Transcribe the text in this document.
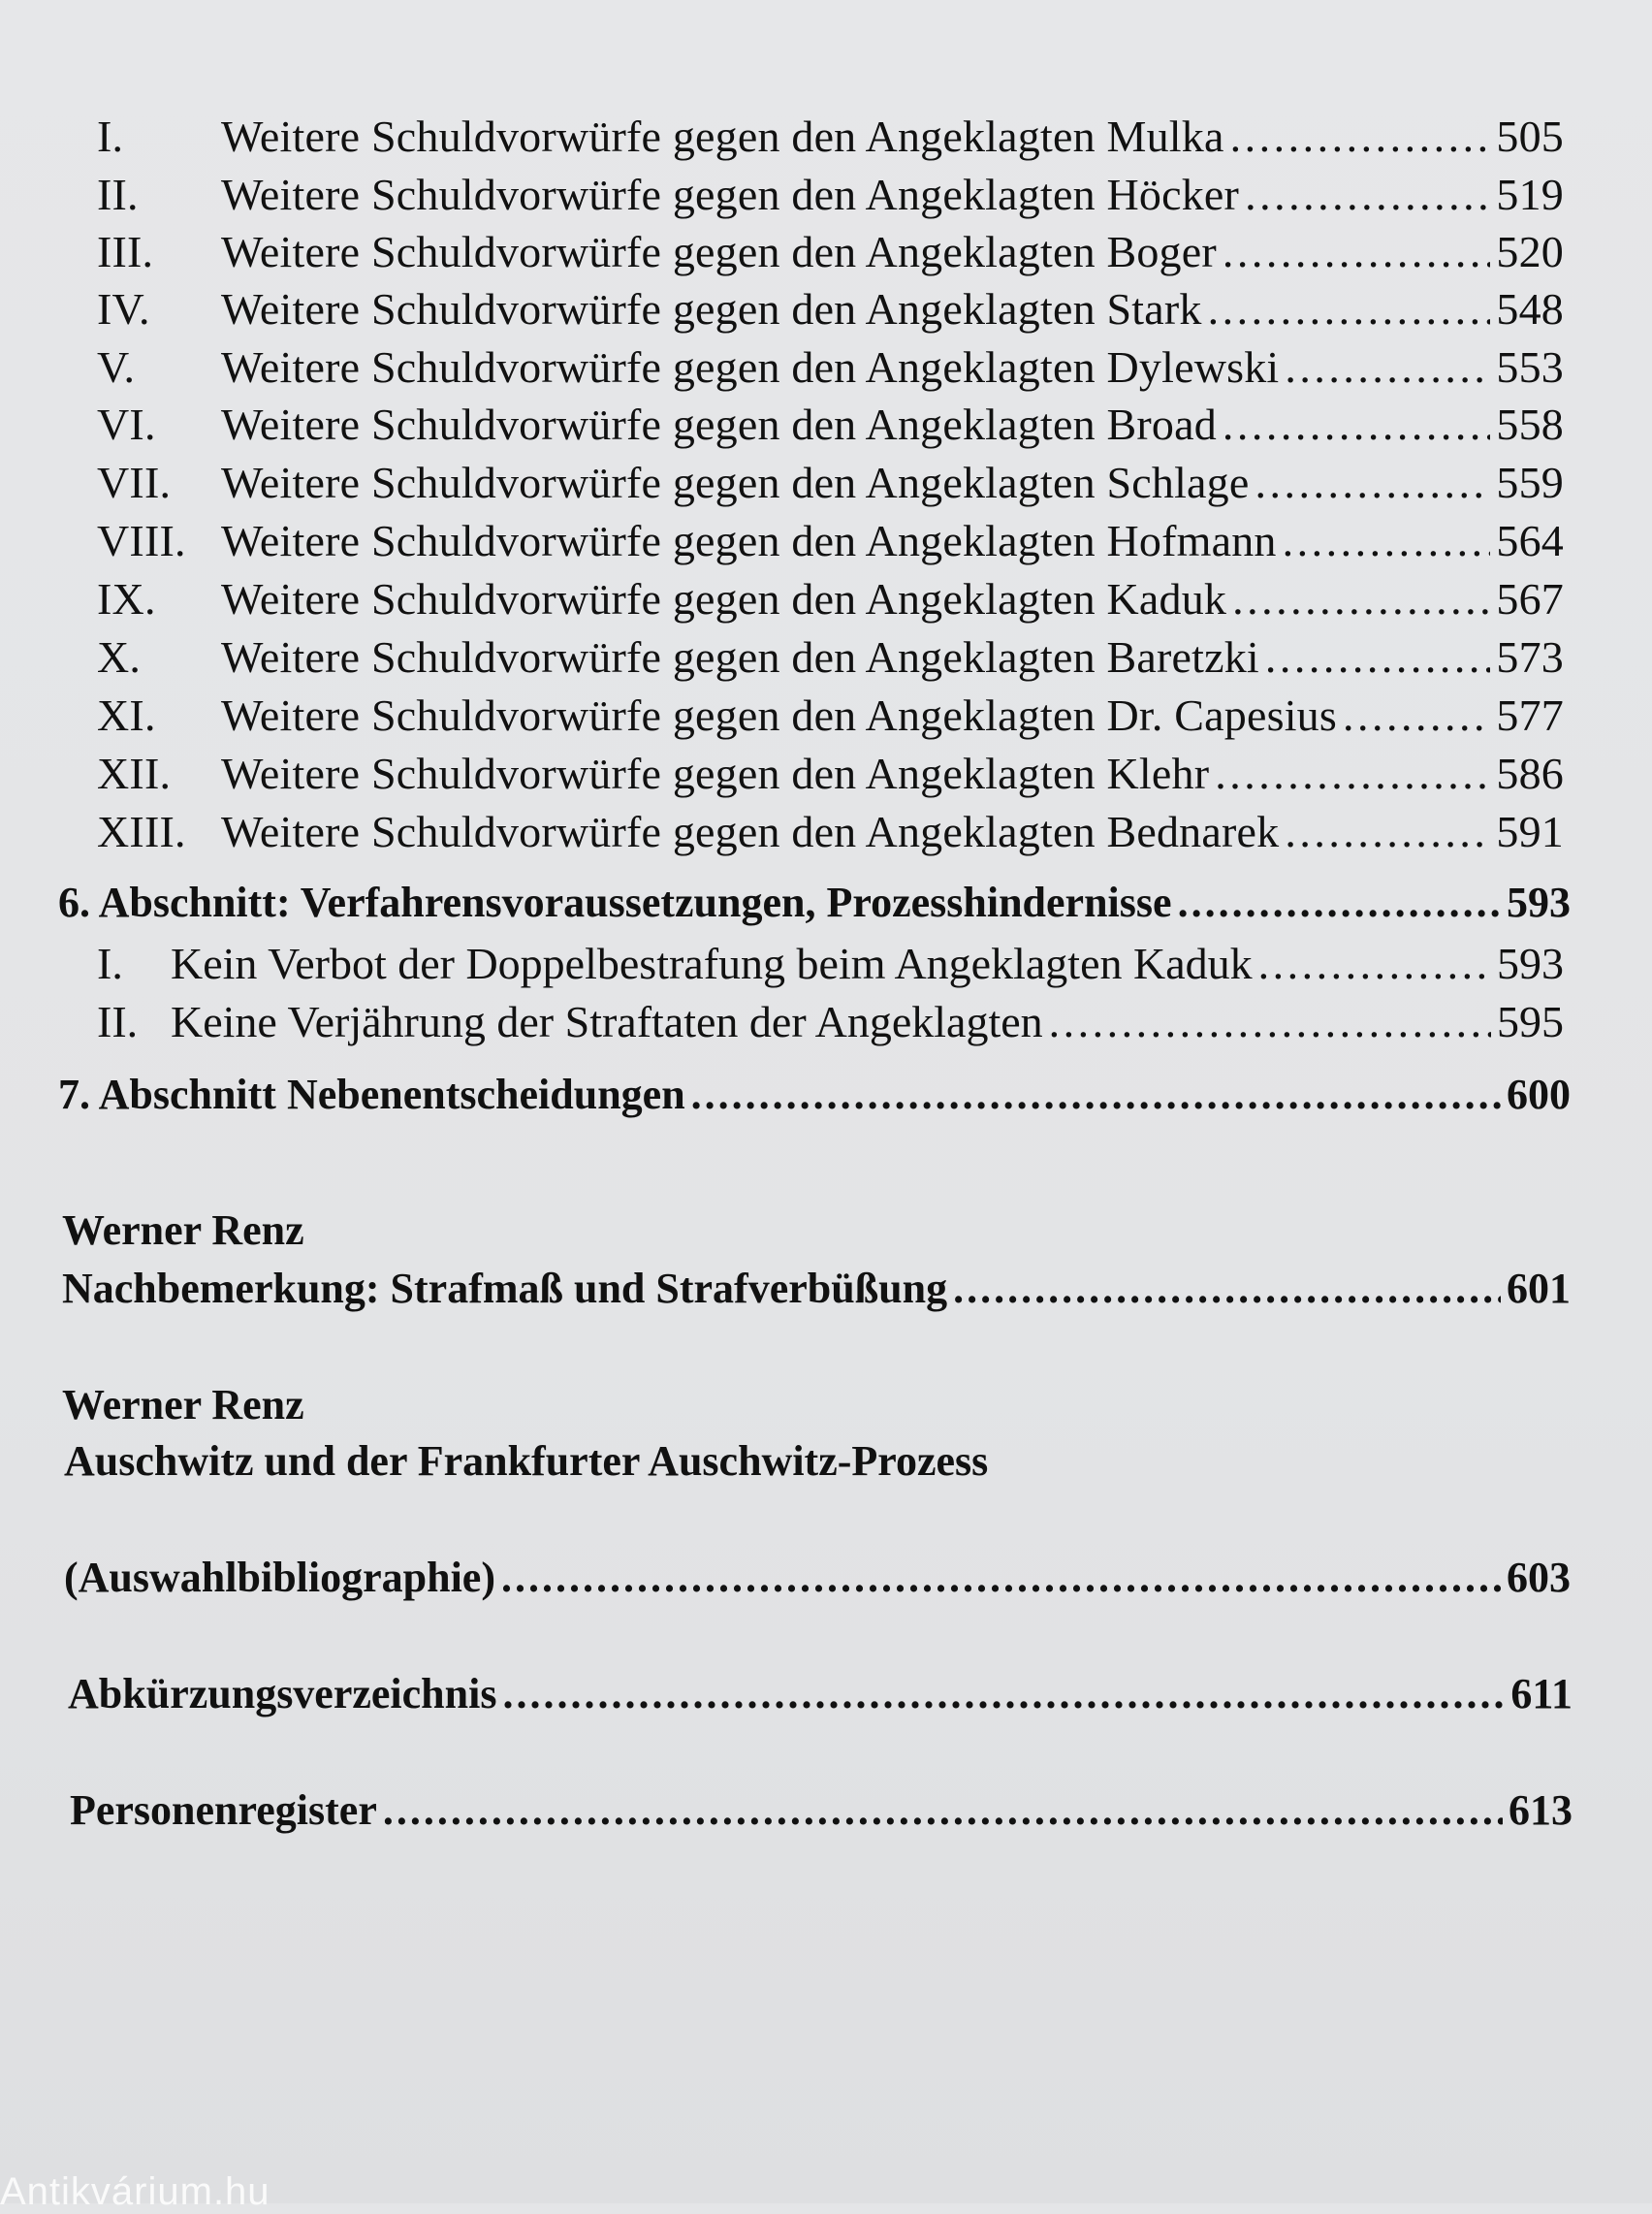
I.	Weitere Schuldvorwürfe gegen den Angeklagten Mulka . . .	505
II.	Weitere Schuldvorwürfe gegen den Angeklagten Höcker . . .	519
III.	Weitere Schuldvorwürfe gegen den Angeklagten Boger . . .	520
IV.	Weitere Schuldvorwürfe gegen den Angeklagten Stark . . .	548
V.	Weitere Schuldvorwürfe gegen den Angeklagten Dylewski . . .	553
VI.	Weitere Schuldvorwürfe gegen den Angeklagten Broad . . .	558
VII.	Weitere Schuldvorwürfe gegen den Angeklagten Schlage . . .	559
VIII. Weitere Schuldvorwürfe gegen den Angeklagten Hofmann . . .	564
IX.	Weitere Schuldvorwürfe gegen den Angeklagten Kaduk . . .	567
X.	Weitere Schuldvorwürfe gegen den Angeklagten Baretzki . . .	573
XI.	Weitere Schuldvorwürfe gegen den Angeklagten Dr. Capesius . . .	577
XII.	Weitere Schuldvorwürfe gegen den Angeklagten Klehr . . .	586
XIII. Weitere Schuldvorwürfe gegen den Angeklagten Bednarek . . .	591
6. Abschnitt: Verfahrensvoraussetzungen, Prozesshindernisse . . .	593
I.	Kein Verbot der Doppelbestrafung beim Angeklagten Kaduk . . .	593
II. Keine Verjährung der Straftaten der Angeklagten . . .	595
7. Abschnitt Nebenentscheidungen . . .	600
Werner Renz
Nachbemerkung: Strafmaß und Strafverbüßung . . .	601
Werner Renz
Auschwitz und der Frankfurter Auschwitz-Prozess
(Auswahlbibliographie) . . .	603
Abkürzungsverzeichnis . . .	611
Personenregister . . .	613
Antikvárium.hu
